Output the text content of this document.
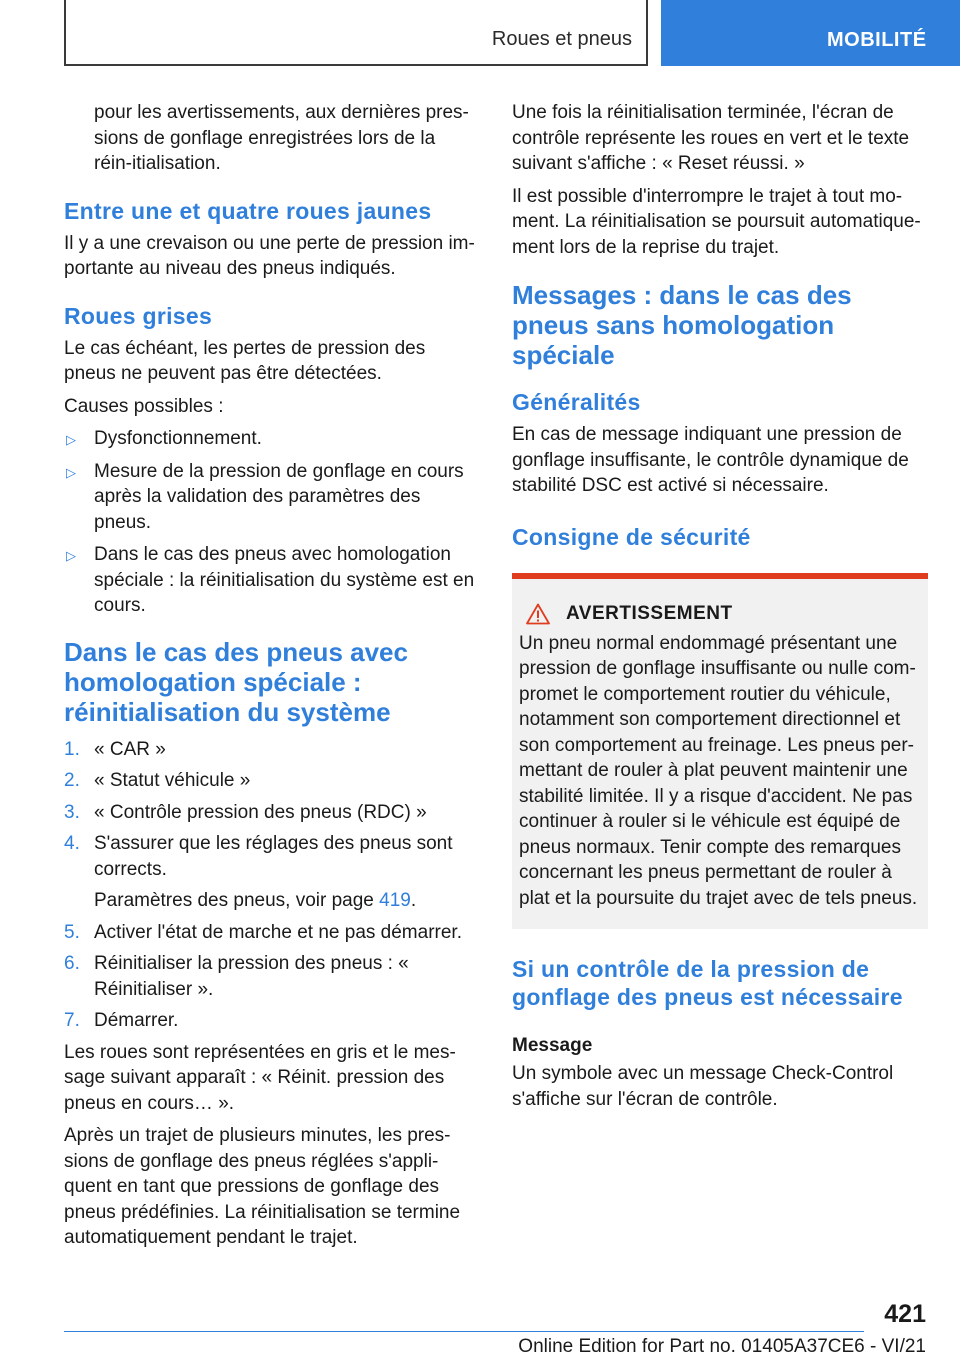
Roues et pneus	MOBILITÉ

pour les avertissements, aux dernières pres-sions de gonflage enregistrées lors de la réin-itialisation.

Entre une et quatre roues jaunes

Il y a une crevaison ou une perte de pression im-portante au niveau des pneus indiqués.

Roues grises

Le cas échéant, les pertes de pression des pneus ne peuvent pas être détectées.

Causes possibles :

▷ Dysfonctionnement.
▷ Mesure de la pression de gonflage en cours après la validation des paramètres des pneus.
▷ Dans le cas des pneus avec homologation spéciale : la réinitialisation du système est en cours.
Dans le cas des pneus avec homologation spéciale : réinitialisation du système
1. « CAR »
2. « Statut véhicule »
3. « Contrôle pression des pneus (RDC) »
4. S'assurer que les réglages des pneus sont corrects.
Paramètres des pneus, voir page 419.
5. Activer l'état de marche et ne pas démarrer.
6. Réinitialiser la pression des pneus : « Réinitialiser ».
7. Démarrer.

Les roues sont représentées en gris et le mes-sage suivant apparaît : « Réinit. pression des pneus en cours… ».

Après un trajet de plusieurs minutes, les pres-sions de gonflage des pneus réglées s'appli-quent en tant que pressions de gonflage des pneus prédéfinies. La réinitialisation se termine automatiquement pendant le trajet.

Une fois la réinitialisation terminée, l'écran de contrôle représente les roues en vert et le texte suivant s'affiche : « Reset réussi. »

Il est possible d'interrompre le trajet à tout mo-ment. La réinitialisation se poursuit automatique-ment lors de la reprise du trajet.

Messages : dans le cas des pneus sans homologation spéciale
Généralités

En cas de message indiquant une pression de gonflage insuffisante, le contrôle dynamique de stabilité DSC est activé si nécessaire.

Consigne de sécurité
AVERTISSEMENT

Un pneu normal endommagé présentant une pression de gonflage insuffisante ou nulle com-promet le comportement routier du véhicule, notamment son comportement directionnel et son comportement au freinage. Les pneus per-mettant de rouler à plat peuvent maintenir une stabilité limitée. Il y a risque d'accident. Ne pas continuer à rouler si le véhicule est équipé de pneus normaux. Tenir compte des remarques concernant les pneus permettant de rouler à plat et la poursuite du trajet avec de tels pneus.

Si un contrôle de la pression de gonflage des pneus est nécessaire
Message

Un symbole avec un message Check-Control s'affiche sur l'écran de contrôle.

421
Online Edition for Part no. 01405A37CE6 - VI/21
